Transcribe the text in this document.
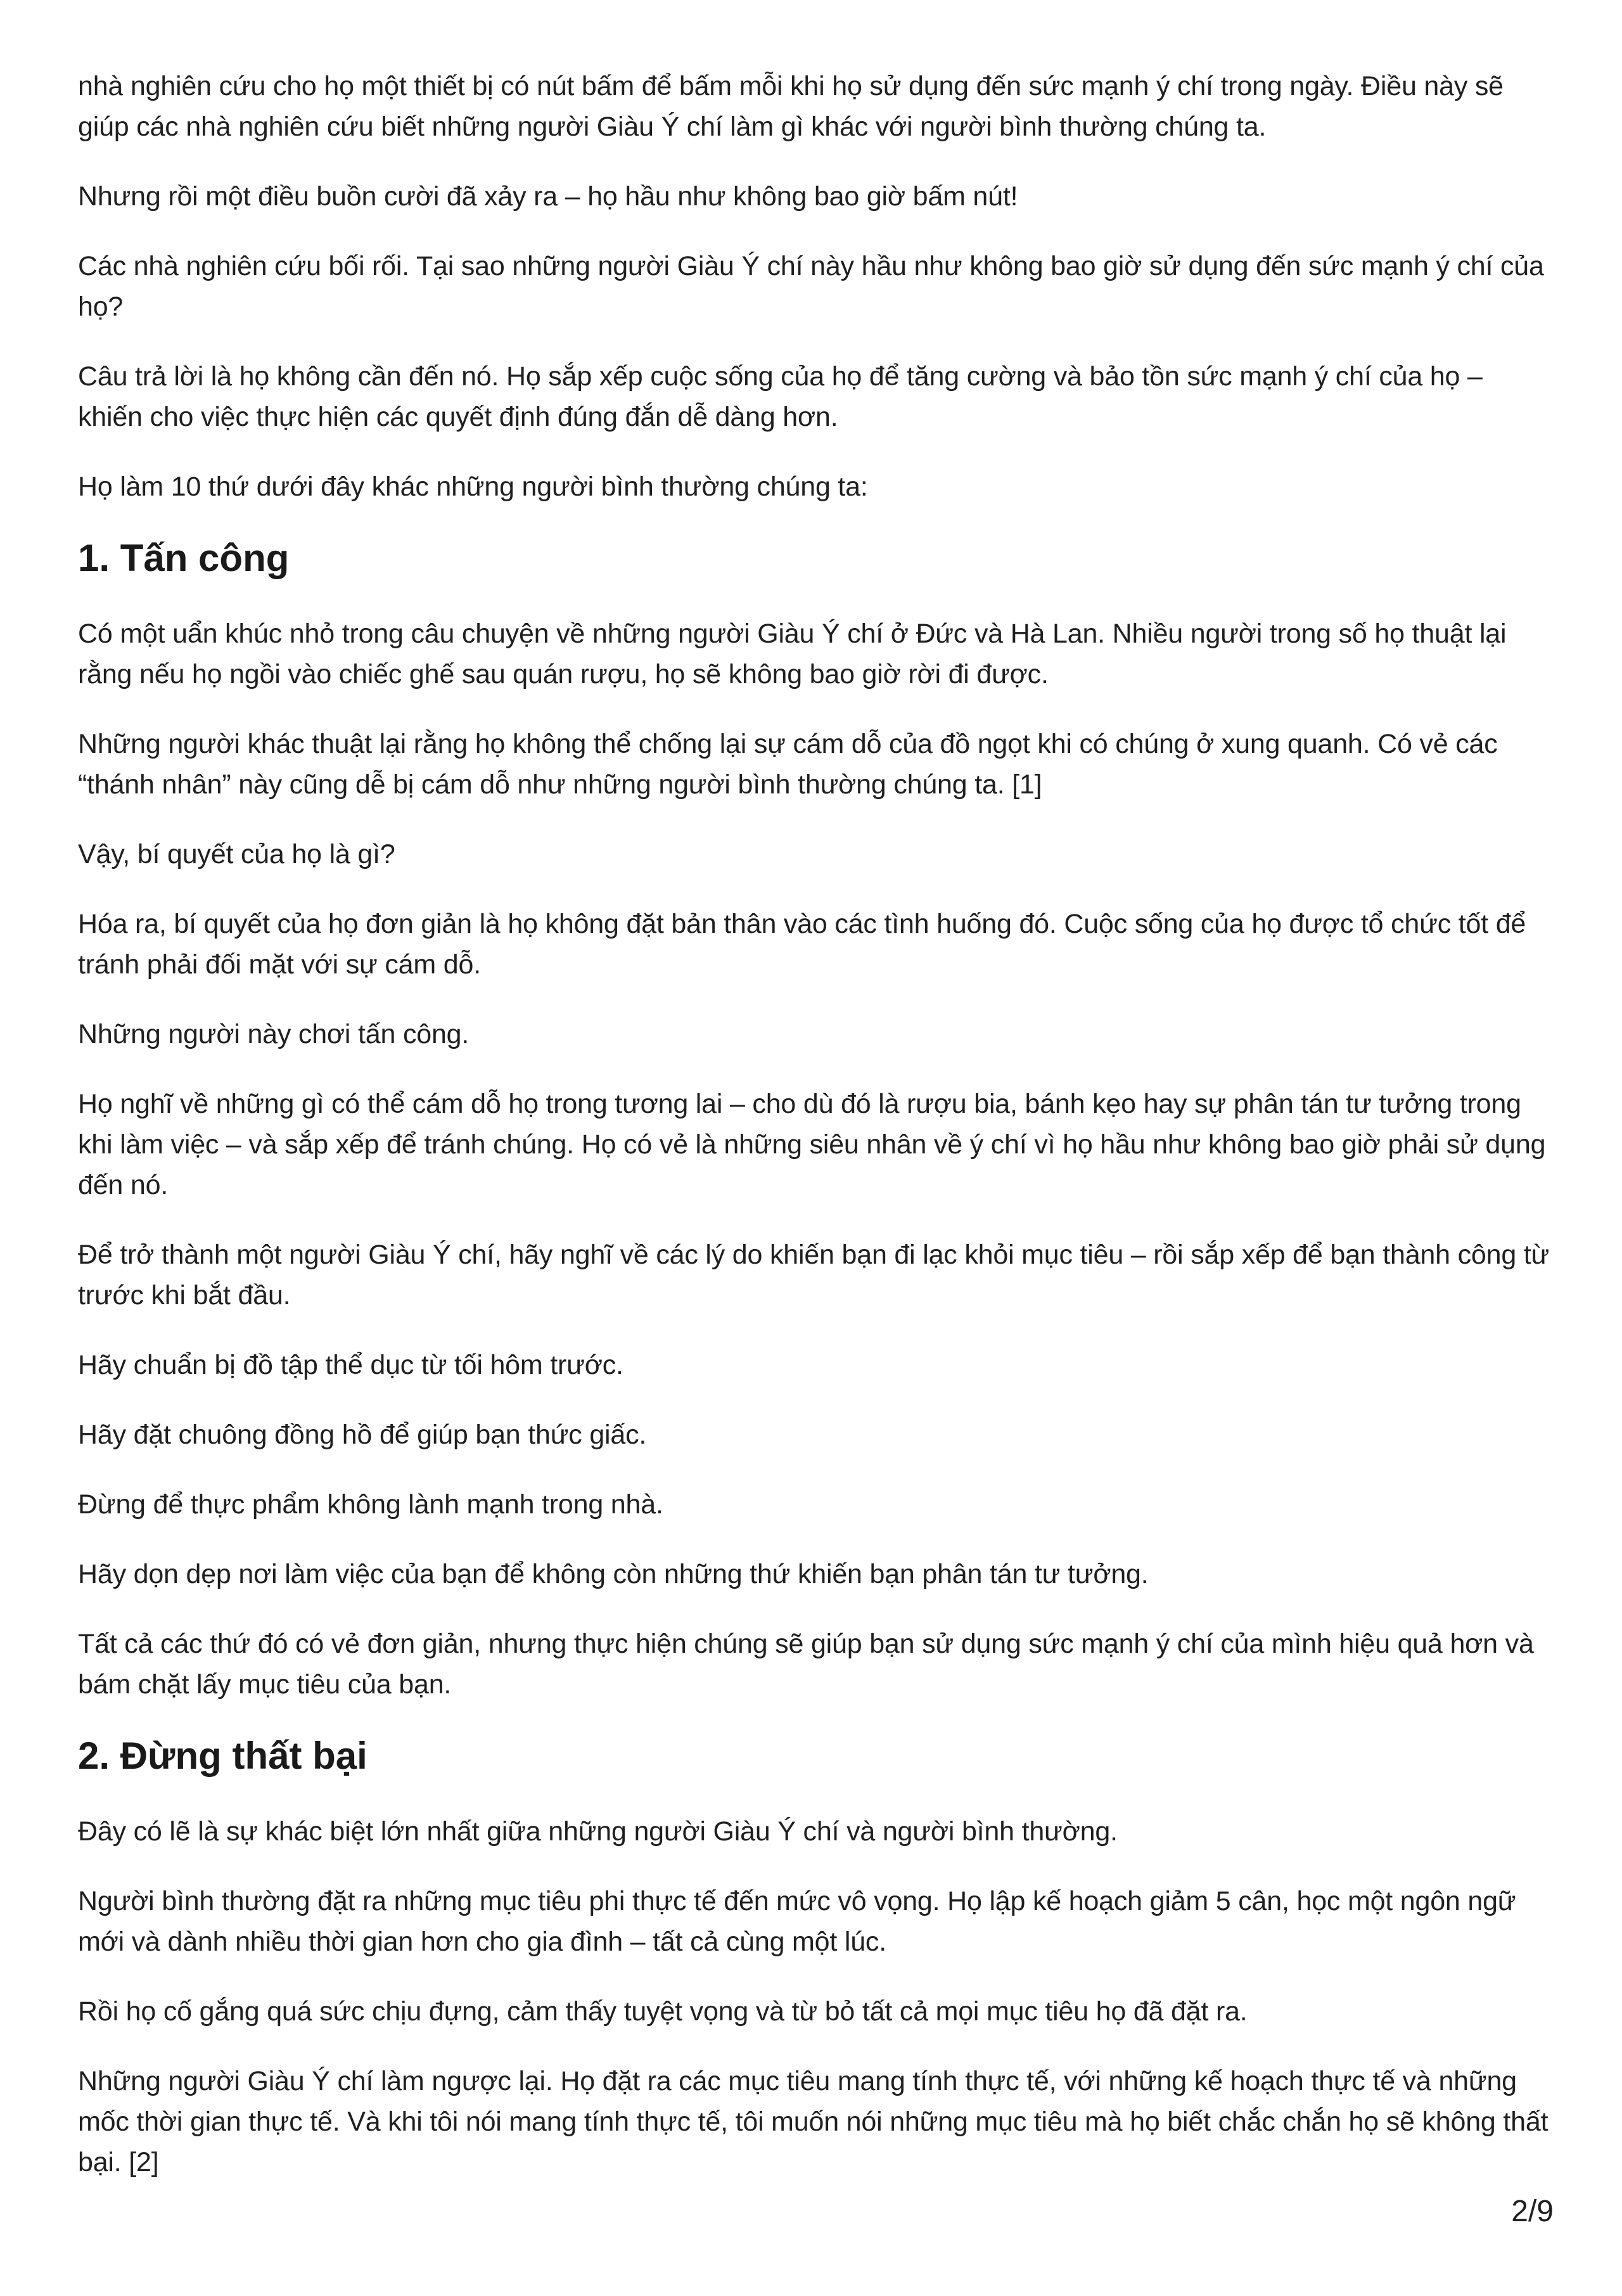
nhà nghiên cứu cho họ một thiết bị có nút bấm để bấm mỗi khi họ sử dụng đến sức mạnh ý chí trong ngày. Điều này sẽ giúp các nhà nghiên cứu biết những người Giàu Ý chí làm gì khác với người bình thường chúng ta.

Nhưng rồi một điều buồn cười đã xảy ra – họ hầu như không bao giờ bấm nút!

Các nhà nghiên cứu bối rối. Tại sao những người Giàu Ý chí này hầu như không bao giờ sử dụng đến sức mạnh ý chí của họ?

Câu trả lời là họ không cần đến nó. Họ sắp xếp cuộc sống của họ để tăng cường và bảo tồn sức mạnh ý chí của họ – khiến cho việc thực hiện các quyết định đúng đắn dễ dàng hơn.

Họ làm 10 thứ dưới đây khác những người bình thường chúng ta:

1. Tấn công

Có một uẩn khúc nhỏ trong câu chuyện về những người Giàu Ý chí ở Đức và Hà Lan. Nhiều người trong số họ thuật lại rằng nếu họ ngồi vào chiếc ghế sau quán rượu, họ sẽ không bao giờ rời đi được.

Những người khác thuật lại rằng họ không thể chống lại sự cám dỗ của đồ ngọt khi có chúng ở xung quanh. Có vẻ các “thánh nhân” này cũng dễ bị cám dỗ như những người bình thường chúng ta. [1]

Vậy, bí quyết của họ là gì?

Hóa ra, bí quyết của họ đơn giản là họ không đặt bản thân vào các tình huống đó. Cuộc sống của họ được tổ chức tốt để tránh phải đối mặt với sự cám dỗ.

Những người này chơi tấn công.

Họ nghĩ về những gì có thể cám dỗ họ trong tương lai – cho dù đó là rượu bia, bánh kẹo hay sự phân tán tư tưởng trong khi làm việc – và sắp xếp để tránh chúng. Họ có vẻ là những siêu nhân về ý chí vì họ hầu như không bao giờ phải sử dụng đến nó.

Để trở thành một người Giàu Ý chí, hãy nghĩ về các lý do khiến bạn đi lạc khỏi mục tiêu – rồi sắp xếp để bạn thành công từ trước khi bắt đầu.

Hãy chuẩn bị đồ tập thể dục từ tối hôm trước.

Hãy đặt chuông đồng hồ để giúp bạn thức giấc.

Đừng để thực phẩm không lành mạnh trong nhà.

Hãy dọn dẹp nơi làm việc của bạn để không còn những thứ khiến bạn phân tán tư tưởng.

Tất cả các thứ đó có vẻ đơn giản, nhưng thực hiện chúng sẽ giúp bạn sử dụng sức mạnh ý chí của mình hiệu quả hơn và bám chặt lấy mục tiêu của bạn.

2. Đừng thất bại

Đây có lẽ là sự khác biệt lớn nhất giữa những người Giàu Ý chí và người bình thường.

Người bình thường đặt ra những mục tiêu phi thực tế đến mức vô vọng. Họ lập kế hoạch giảm 5 cân, học một ngôn ngữ mới và dành nhiều thời gian hơn cho gia đình – tất cả cùng một lúc.

Rồi họ cố gắng quá sức chịu đựng, cảm thấy tuyệt vọng và từ bỏ tất cả mọi mục tiêu họ đã đặt ra.

Những người Giàu Ý chí làm ngược lại. Họ đặt ra các mục tiêu mang tính thực tế, với những kế hoạch thực tế và những mốc thời gian thực tế. Và khi tôi nói mang tính thực tế, tôi muốn nói những mục tiêu mà họ biết chắc chắn họ sẽ không thất bại. [2]

2/9
